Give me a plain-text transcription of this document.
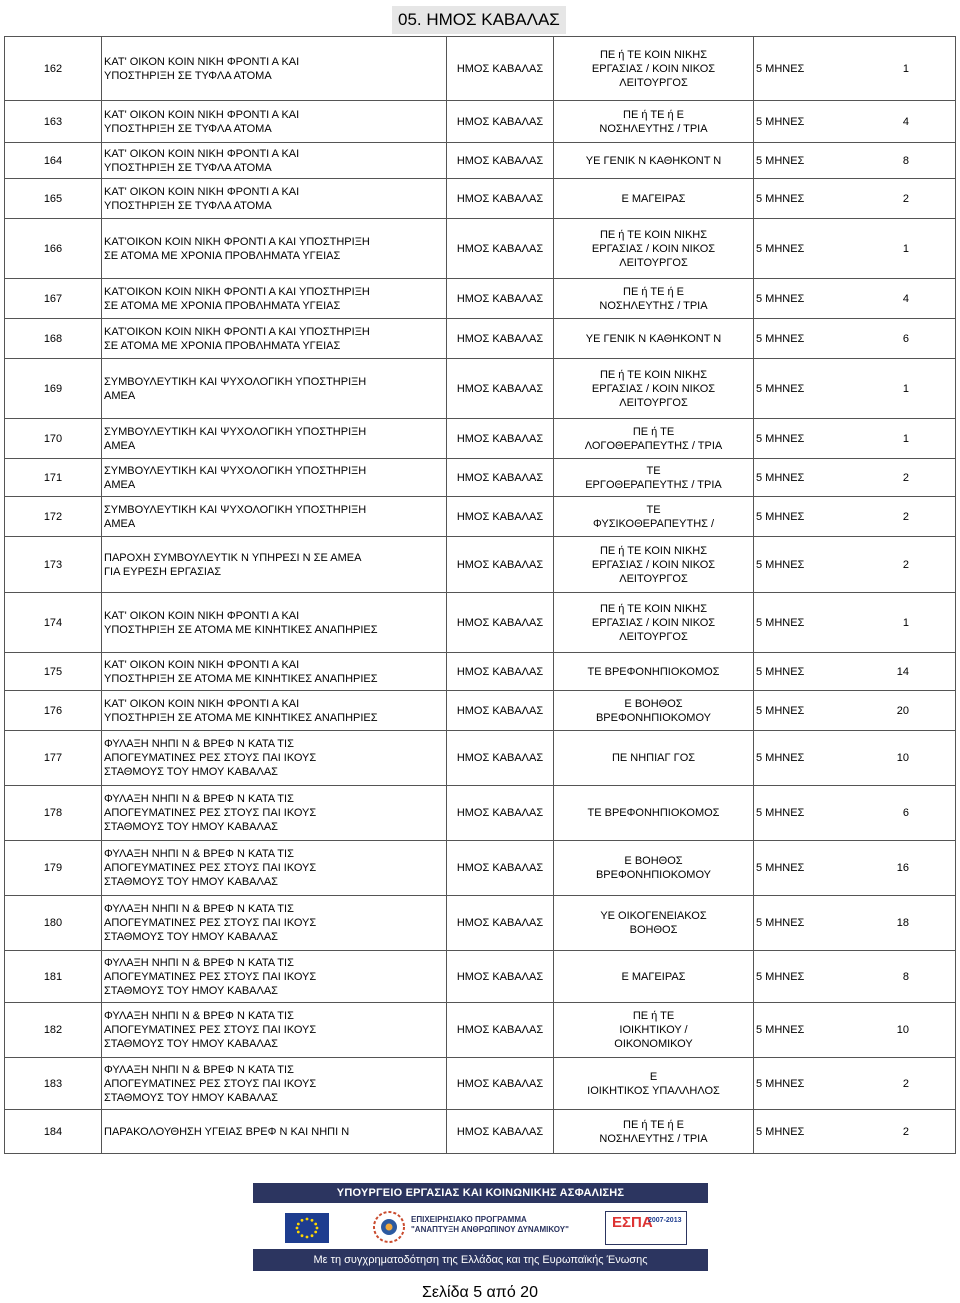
05. ΗΜΟΣ ΚΑΒΑΛΑΣ
162	ΚΑΤ' ΟΙΚΟΝ ΚΟΙΝ ΝΙΚΗ ΦΡΟΝΤΙ Α ΚΑΙ
ΥΠΟΣΤΗΡΙΞΗ ΣΕ ΤΥΦΛΑ ΑΤΟΜΑ	ΗΜΟΣ ΚΑΒΑΛΑΣ	ΠΕ ή ΤΕ ΚΟΙΝ ΝΙΚΗΣ
ΕΡΓΑΣΙΑΣ / ΚΟΙΝ ΝΙΚΟΣ
ΛΕΙΤΟΥΡΓΟΣ	5 ΜΗΝΕΣ 1

163	ΚΑΤ' ΟΙΚΟΝ ΚΟΙΝ ΝΙΚΗ ΦΡΟΝΤΙ Α ΚΑΙ
ΥΠΟΣΤΗΡΙΞΗ ΣΕ ΤΥΦΛΑ ΑΤΟΜΑ	ΗΜΟΣ ΚΑΒΑΛΑΣ	ΠΕ ή ΤΕ ή Ε
ΝΟΣΗΛΕΥΤΗΣ / ΤΡΙΑ	5 ΜΗΝΕΣ 4

164	ΚΑΤ' ΟΙΚΟΝ ΚΟΙΝ ΝΙΚΗ ΦΡΟΝΤΙ Α ΚΑΙ
ΥΠΟΣΤΗΡΙΞΗ ΣΕ ΤΥΦΛΑ ΑΤΟΜΑ	ΗΜΟΣ ΚΑΒΑΛΑΣ	ΥΕ ΓΕΝΙΚ Ν ΚΑΘΗΚΟΝΤ Ν	5 ΜΗΝΕΣ 8

165	ΚΑΤ' ΟΙΚΟΝ ΚΟΙΝ ΝΙΚΗ ΦΡΟΝΤΙ Α ΚΑΙ
ΥΠΟΣΤΗΡΙΞΗ ΣΕ ΤΥΦΛΑ ΑΤΟΜΑ	ΗΜΟΣ ΚΑΒΑΛΑΣ	Ε ΜΑΓΕΙΡΑΣ	5 ΜΗΝΕΣ 2

166	ΚΑΤ'ΟΙΚΟΝ ΚΟΙΝ ΝΙΚΗ ΦΡΟΝΤΙ Α ΚΑΙ ΥΠΟΣΤΗΡΙΞΗ
ΣΕ ΑΤΟΜΑ ΜΕ ΧΡΟΝΙΑ ΠΡΟΒΛΗΜΑΤΑ ΥΓΕΙΑΣ	ΗΜΟΣ ΚΑΒΑΛΑΣ	ΠΕ ή ΤΕ ΚΟΙΝ ΝΙΚΗΣ
ΕΡΓΑΣΙΑΣ / ΚΟΙΝ ΝΙΚΟΣ
ΛΕΙΤΟΥΡΓΟΣ	5 ΜΗΝΕΣ 1

167	ΚΑΤ'ΟΙΚΟΝ ΚΟΙΝ ΝΙΚΗ ΦΡΟΝΤΙ Α ΚΑΙ ΥΠΟΣΤΗΡΙΞΗ
ΣΕ ΑΤΟΜΑ ΜΕ ΧΡΟΝΙΑ ΠΡΟΒΛΗΜΑΤΑ ΥΓΕΙΑΣ	ΗΜΟΣ ΚΑΒΑΛΑΣ	ΠΕ ή ΤΕ ή Ε
ΝΟΣΗΛΕΥΤΗΣ / ΤΡΙΑ	5 ΜΗΝΕΣ 4

168	ΚΑΤ'ΟΙΚΟΝ ΚΟΙΝ ΝΙΚΗ ΦΡΟΝΤΙ Α ΚΑΙ ΥΠΟΣΤΗΡΙΞΗ
ΣΕ ΑΤΟΜΑ ΜΕ ΧΡΟΝΙΑ ΠΡΟΒΛΗΜΑΤΑ ΥΓΕΙΑΣ	ΗΜΟΣ ΚΑΒΑΛΑΣ	ΥΕ ΓΕΝΙΚ Ν ΚΑΘΗΚΟΝΤ Ν	5 ΜΗΝΕΣ 6

169	ΣΥΜΒΟΥΛΕΥΤΙΚΗ ΚΑΙ ΨΥΧΟΛΟΓΙΚΗ ΥΠΟΣΤΗΡΙΞΗ
ΑΜΕΑ	ΗΜΟΣ ΚΑΒΑΛΑΣ	ΠΕ ή ΤΕ ΚΟΙΝ ΝΙΚΗΣ
ΕΡΓΑΣΙΑΣ / ΚΟΙΝ ΝΙΚΟΣ
ΛΕΙΤΟΥΡΓΟΣ	5 ΜΗΝΕΣ 1

170	ΣΥΜΒΟΥΛΕΥΤΙΚΗ ΚΑΙ ΨΥΧΟΛΟΓΙΚΗ ΥΠΟΣΤΗΡΙΞΗ
ΑΜΕΑ	ΗΜΟΣ ΚΑΒΑΛΑΣ	ΠΕ ή ΤΕ
ΛΟΓΟΘΕΡΑΠΕΥΤΗΣ / ΤΡΙΑ	5 ΜΗΝΕΣ 1

171	ΣΥΜΒΟΥΛΕΥΤΙΚΗ ΚΑΙ ΨΥΧΟΛΟΓΙΚΗ ΥΠΟΣΤΗΡΙΞΗ
ΑΜΕΑ	ΗΜΟΣ ΚΑΒΑΛΑΣ	ΤΕ
ΕΡΓΟΘΕΡΑΠΕΥΤΗΣ / ΤΡΙΑ	5 ΜΗΝΕΣ 2

172	ΣΥΜΒΟΥΛΕΥΤΙΚΗ ΚΑΙ ΨΥΧΟΛΟΓΙΚΗ ΥΠΟΣΤΗΡΙΞΗ
ΑΜΕΑ	ΗΜΟΣ ΚΑΒΑΛΑΣ	ΤΕ
ΦΥΣΙΚΟΘΕΡΑΠΕΥΤΗΣ /	5 ΜΗΝΕΣ 2

173	ΠΑΡΟΧΗ ΣΥΜΒΟΥΛΕΥΤΙΚ Ν ΥΠΗΡΕΣΙ Ν ΣΕ ΑΜΕΑ
ΓΙΑ ΕΥΡΕΣΗ ΕΡΓΑΣΙΑΣ	ΗΜΟΣ ΚΑΒΑΛΑΣ	ΠΕ ή ΤΕ ΚΟΙΝ ΝΙΚΗΣ
ΕΡΓΑΣΙΑΣ / ΚΟΙΝ ΝΙΚΟΣ
ΛΕΙΤΟΥΡΓΟΣ	5 ΜΗΝΕΣ 2

174	ΚΑΤ' ΟΙΚΟΝ ΚΟΙΝ ΝΙΚΗ ΦΡΟΝΤΙ Α ΚΑΙ
ΥΠΟΣΤΗΡΙΞΗ ΣΕ ΑΤΟΜΑ ΜΕ ΚΙΝΗΤΙΚΕΣ ΑΝΑΠΗΡΙΕΣ	ΗΜΟΣ ΚΑΒΑΛΑΣ	ΠΕ ή ΤΕ ΚΟΙΝ ΝΙΚΗΣ
ΕΡΓΑΣΙΑΣ / ΚΟΙΝ ΝΙΚΟΣ
ΛΕΙΤΟΥΡΓΟΣ	5 ΜΗΝΕΣ 1

175	ΚΑΤ' ΟΙΚΟΝ ΚΟΙΝ ΝΙΚΗ ΦΡΟΝΤΙ Α ΚΑΙ
ΥΠΟΣΤΗΡΙΞΗ ΣΕ ΑΤΟΜΑ ΜΕ ΚΙΝΗΤΙΚΕΣ ΑΝΑΠΗΡΙΕΣ	ΗΜΟΣ ΚΑΒΑΛΑΣ	ΤΕ ΒΡΕΦΟΝΗΠΙΟΚΟΜΟΣ	5 ΜΗΝΕΣ 14

176	ΚΑΤ' ΟΙΚΟΝ ΚΟΙΝ ΝΙΚΗ ΦΡΟΝΤΙ Α ΚΑΙ
ΥΠΟΣΤΗΡΙΞΗ ΣΕ ΑΤΟΜΑ ΜΕ ΚΙΝΗΤΙΚΕΣ ΑΝΑΠΗΡΙΕΣ	ΗΜΟΣ ΚΑΒΑΛΑΣ	Ε ΒΟΗΘΟΣ
ΒΡΕΦΟΝΗΠΙΟΚΟΜΟΥ	5 ΜΗΝΕΣ 20

177	ΦΥΛΑΞΗ ΝΗΠΙ Ν & ΒΡΕΦ Ν ΚΑΤΑ ΤΙΣ
ΑΠΟΓΕΥΜΑΤΙΝΕΣ ΡΕΣ ΣΤΟΥΣ ΠΑΙ ΙΚΟΥΣ
ΣΤΑΘΜΟΥΣ ΤΟΥ ΗΜΟΥ ΚΑΒΑΛΑΣ	ΗΜΟΣ ΚΑΒΑΛΑΣ	ΠΕ ΝΗΠΙΑΓ ΓΟΣ	5 ΜΗΝΕΣ 10

178	ΦΥΛΑΞΗ ΝΗΠΙ Ν & ΒΡΕΦ Ν ΚΑΤΑ ΤΙΣ
ΑΠΟΓΕΥΜΑΤΙΝΕΣ ΡΕΣ ΣΤΟΥΣ ΠΑΙ ΙΚΟΥΣ
ΣΤΑΘΜΟΥΣ ΤΟΥ ΗΜΟΥ ΚΑΒΑΛΑΣ	ΗΜΟΣ ΚΑΒΑΛΑΣ	ΤΕ ΒΡΕΦΟΝΗΠΙΟΚΟΜΟΣ	5 ΜΗΝΕΣ 6

179	ΦΥΛΑΞΗ ΝΗΠΙ Ν & ΒΡΕΦ Ν ΚΑΤΑ ΤΙΣ
ΑΠΟΓΕΥΜΑΤΙΝΕΣ ΡΕΣ ΣΤΟΥΣ ΠΑΙ ΙΚΟΥΣ
ΣΤΑΘΜΟΥΣ ΤΟΥ ΗΜΟΥ ΚΑΒΑΛΑΣ	ΗΜΟΣ ΚΑΒΑΛΑΣ	Ε ΒΟΗΘΟΣ
ΒΡΕΦΟΝΗΠΙΟΚΟΜΟΥ	5 ΜΗΝΕΣ 16

180	ΦΥΛΑΞΗ ΝΗΠΙ Ν & ΒΡΕΦ Ν ΚΑΤΑ ΤΙΣ
ΑΠΟΓΕΥΜΑΤΙΝΕΣ ΡΕΣ ΣΤΟΥΣ ΠΑΙ ΙΚΟΥΣ
ΣΤΑΘΜΟΥΣ ΤΟΥ ΗΜΟΥ ΚΑΒΑΛΑΣ	ΗΜΟΣ ΚΑΒΑΛΑΣ	ΥΕ ΟΙΚΟΓΕΝΕΙΑΚΟΣ
ΒΟΗΘΟΣ	5 ΜΗΝΕΣ 18

181	ΦΥΛΑΞΗ ΝΗΠΙ Ν & ΒΡΕΦ Ν ΚΑΤΑ ΤΙΣ
ΑΠΟΓΕΥΜΑΤΙΝΕΣ ΡΕΣ ΣΤΟΥΣ ΠΑΙ ΙΚΟΥΣ
ΣΤΑΘΜΟΥΣ ΤΟΥ ΗΜΟΥ ΚΑΒΑΛΑΣ	ΗΜΟΣ ΚΑΒΑΛΑΣ	Ε ΜΑΓΕΙΡΑΣ	5 ΜΗΝΕΣ 8

182	ΦΥΛΑΞΗ ΝΗΠΙ Ν & ΒΡΕΦ Ν ΚΑΤΑ ΤΙΣ
ΑΠΟΓΕΥΜΑΤΙΝΕΣ ΡΕΣ ΣΤΟΥΣ ΠΑΙ ΙΚΟΥΣ
ΣΤΑΘΜΟΥΣ ΤΟΥ ΗΜΟΥ ΚΑΒΑΛΑΣ	ΗΜΟΣ ΚΑΒΑΛΑΣ	ΠΕ ή ΤΕ
ΙΟΙΚΗΤΙΚΟΥ /
ΟΙΚΟΝΟΜΙΚΟΥ	5 ΜΗΝΕΣ 10

183	ΦΥΛΑΞΗ ΝΗΠΙ Ν & ΒΡΕΦ Ν ΚΑΤΑ ΤΙΣ
ΑΠΟΓΕΥΜΑΤΙΝΕΣ ΡΕΣ ΣΤΟΥΣ ΠΑΙ ΙΚΟΥΣ
ΣΤΑΘΜΟΥΣ ΤΟΥ ΗΜΟΥ ΚΑΒΑΛΑΣ	ΗΜΟΣ ΚΑΒΑΛΑΣ	Ε
ΙΟΙΚΗΤΙΚΟΣ ΥΠΑΛΛΗΛΟΣ	5 ΜΗΝΕΣ 2

184	ΠΑΡΑΚΟΛΟΥΘΗΣΗ ΥΓΕΙΑΣ ΒΡΕΦ Ν ΚΑΙ ΝΗΠΙ Ν	ΗΜΟΣ ΚΑΒΑΛΑΣ	ΠΕ ή ΤΕ ή Ε
ΝΟΣΗΛΕΥΤΗΣ / ΤΡΙΑ	5 ΜΗΝΕΣ 2
ΥΠΟΥΡΓΕΙΟ ΕΡΓΑΣΙΑΣ ΚΑΙ ΚΟΙΝΩΝΙΚΗΣ ΑΣΦΑΛΙΣΗΣ
ΕΠΙΧΕΙΡΗΣΙΑΚΟ ΠΡΟΓΡΑΜΜΑ
"ΑΝΑΠΤΥΞΗ ΑΝΘΡΩΠΙΝΟΥ ΔΥΝΑΜΙΚΟΥ"	ΕΣΠΑ
2007-2013
Με τη συγχρηματοδότηση της Ελλάδας και της Ευρωπαϊκής Ένωσης
Σελίδα 5 από 20
